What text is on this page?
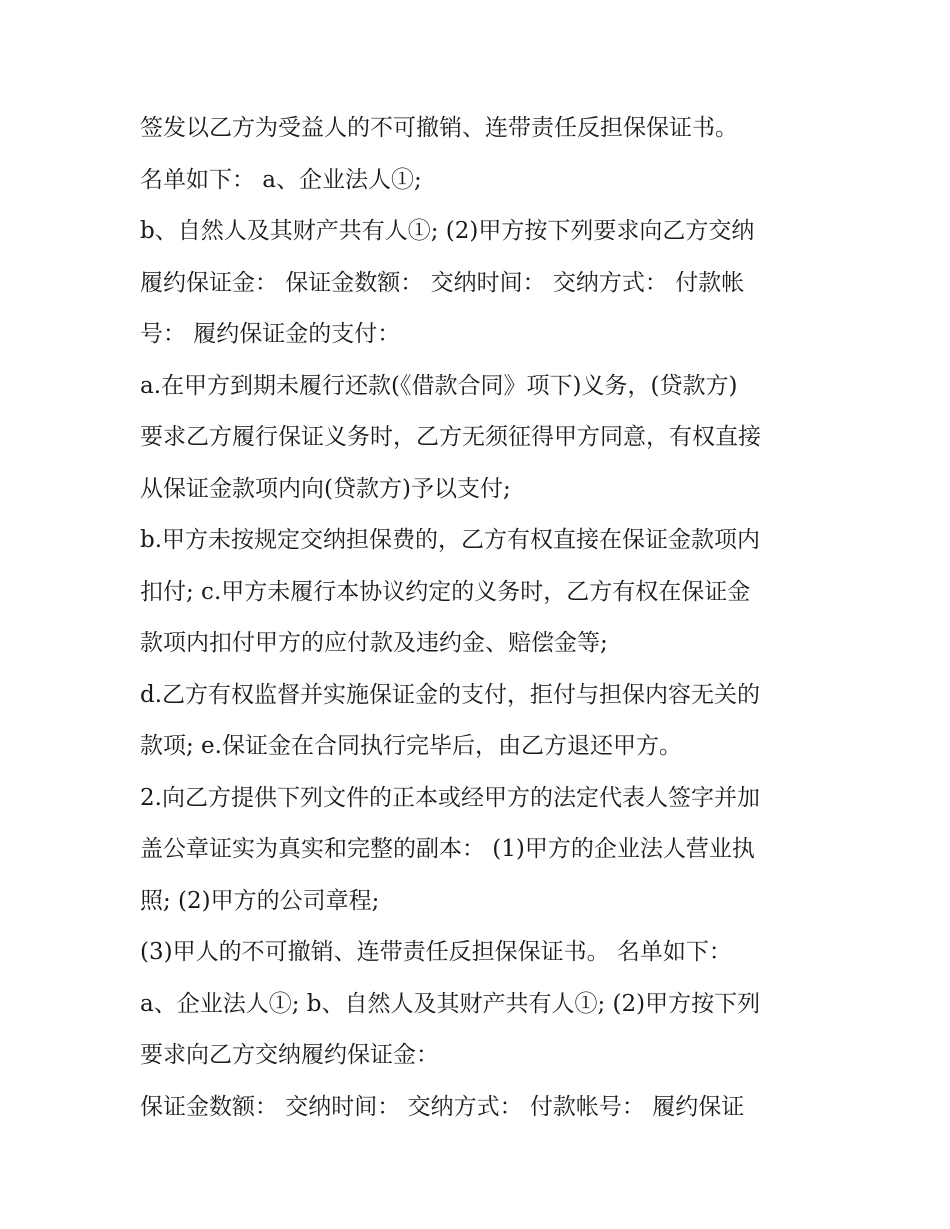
签发以乙方为受益人的不可撤销、连带责任反担保保证书。
名单如下： a、企业法人①;
b、自然人及其财产共有人①; (2)甲方按下列要求向乙方交纳
履约保证金： 保证金数额： 交纳时间： 交纳方式： 付款帐
号： 履约保证金的支付：
a.在甲方到期未履行还款(《借款合同》项下)义务，(贷款方)
要求乙方履行保证义务时，乙方无须征得甲方同意，有权直接
从保证金款项内向(贷款方)予以支付;
b.甲方未按规定交纳担保费的，乙方有权直接在保证金款项内
扣付; c.甲方未履行本协议约定的义务时，乙方有权在保证金
款项内扣付甲方的应付款及违约金、赔偿金等;
d.乙方有权监督并实施保证金的支付，拒付与担保内容无关的
款项; e.保证金在合同执行完毕后，由乙方退还甲方。
2.向乙方提供下列文件的正本或经甲方的法定代表人签字并加
盖公章证实为真实和完整的副本： (1)甲方的企业法人营业执
照; (2)甲方的公司章程;
(3)甲人的不可撤销、连带责任反担保保证书。 名单如下：
a、企业法人①; b、自然人及其财产共有人①; (2)甲方按下列
要求向乙方交纳履约保证金：
保证金数额： 交纳时间： 交纳方式： 付款帐号： 履约保证
